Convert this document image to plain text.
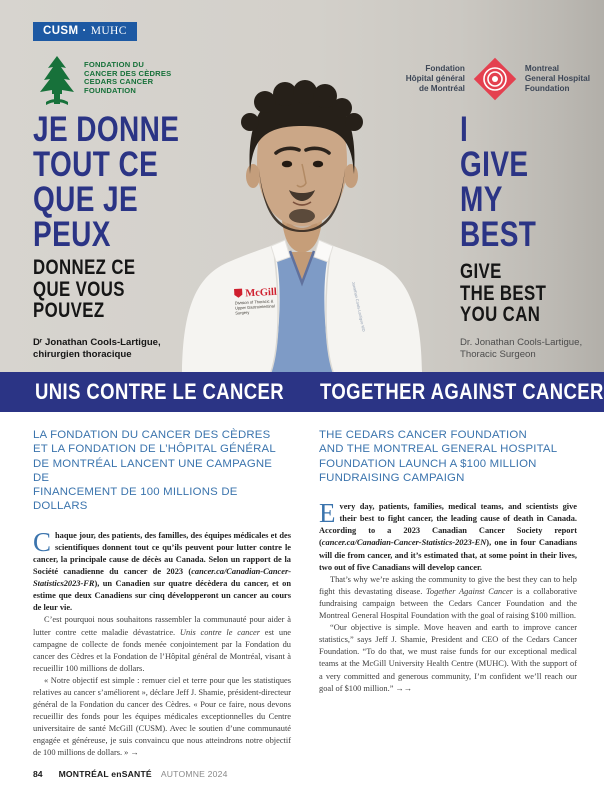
McGill
Division of Thoracic &
Upper Gastrointestinal
Surgery	Jonathan Cools-Lartigue MD
CUSM · MUHC
FONDATION DU
CANCER DES CÈDRES
CEDARS CANCER
FOUNDATION
Fondation
Hôpital général
de Montréal
Montreal
General Hospital
Foundation
JE DONNE
TOUT CE
QUE JE
PEUX
DONNEZ CE
QUE VOUS
POUVEZ
Dʳ Jonathan Cools-Lartigue,
chirurgien thoracique
I
GIVE
MY
BEST
GIVE
THE BEST
YOU CAN
Dr. Jonathan Cools-Lartigue,
Thoracic Surgeon
UNIS CONTRE LE CANCER TOGETHER AGAINST CANCER
LA FONDATION DU CANCER DES CÈDRES
ET LA FONDATION DE L’HÔPITAL GÉNÉRAL
DE MONTRÉAL LANCENT UNE CAMPAGNE DE
FINANCEMENT DE 100 MILLIONS DE DOLLARS

Chaque jour, des patients, des familles, des équipes médicales et des scientifiques donnent tout ce qu’ils peuvent pour lutter contre le cancer, la principale cause de décès au Canada. Selon un rapport de la Société canadienne du cancer de 2023 (cancer.ca/Canadian-Cancer-Statistics2023-FR), un Canadien sur quatre décèdera du cancer, et on estime que deux Canadiens sur cinq développeront un cancer au cours de leur vie.

C’est pourquoi nous souhaitons rassembler la communauté pour aider à lutter contre cette maladie dévastatrice. Unis contre le cancer est une campagne de collecte de fonds menée conjointement par la Fondation du cancer des Cèdres et la Fondation de l’Hôpital général de Montréal, visant à recueillir 100 millions de dollars.

« Notre objectif est simple : remuer ciel et terre pour que les statistiques relatives au cancer s’améliorent », déclare Jeff J. Shamie, président-directeur général de la Fondation du cancer des Cèdres. « Pour ce faire, nous devons recueillir des fonds pour les équipes médicales exceptionnelles du Centre universitaire de santé McGill (CUSM). Avec le soutien d’une communauté engagée et généreuse, je suis convaincu que nous atteindrons notre objectif de 100 millions de dollars. » →

THE CEDARS CANCER FOUNDATION
AND THE MONTREAL GENERAL HOSPITAL
FOUNDATION LAUNCH A $100 MILLION
FUNDRAISING CAMPAIGN

Every day, patients, families, medical teams, and scientists give their best to fight cancer, the leading cause of death in Canada. According to a 2023 Canadian Cancer Society report (cancer.ca/Canadian-Cancer-Statistics-2023-EN), one in four Canadians will die from cancer, and it’s estimated that, at some point in their lives, two out of five Canadians will develop cancer.

That’s why we’re asking the community to give the best they can to help fight this devastating disease. Together Against Cancer is a collaborative fundraising campaign between the Cedars Cancer Foundation and the Montreal General Hospital Foundation with the goal of raising $100 million.

“Our objective is simple. Move heaven and earth to improve cancer statistics,” says Jeff J. Shamie, President and CEO of the Cedars Cancer Foundation. “To do that, we must raise funds for our exceptional medical teams at the McGill University Health Centre (MUHC). With the support of a very committed and generous community, I’m confident we’ll reach our goal of $100 million.” →→

84 MONTRÉAL enSANTÉ AUTOMNE 2024
